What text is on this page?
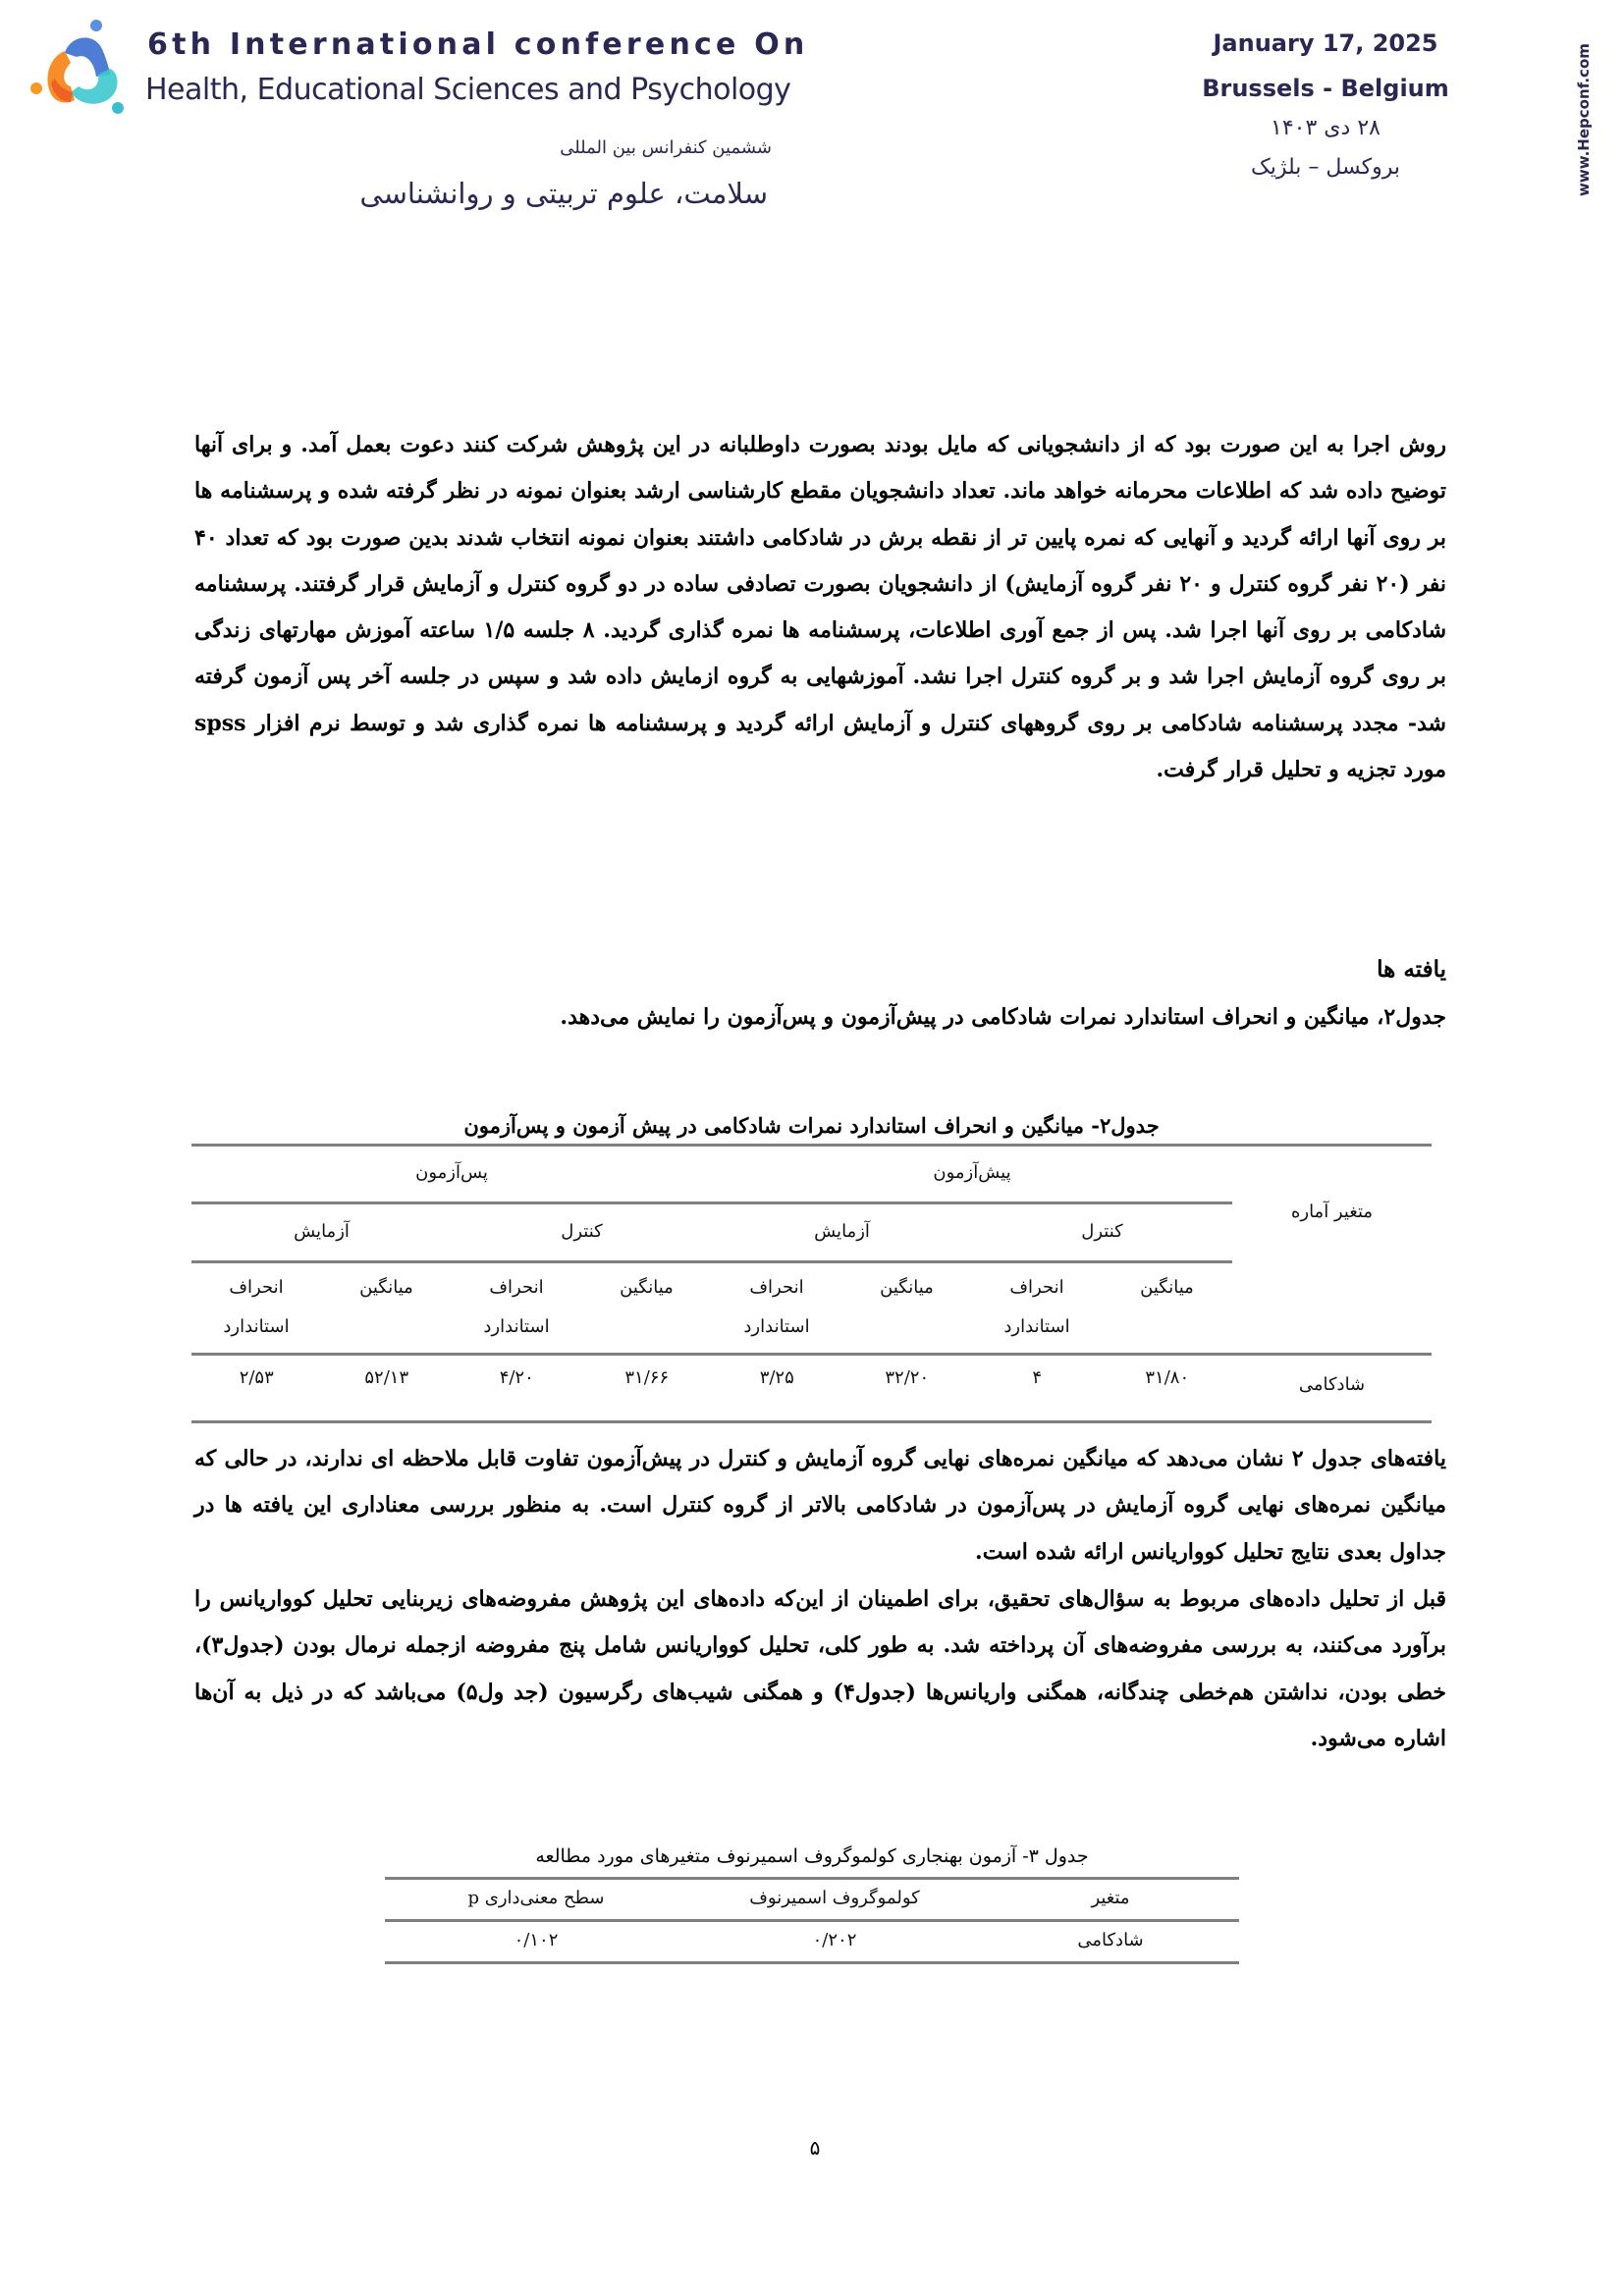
6th International conference On
Health, Educational Sciences and Psychology
ششمین کنفرانس بین المللی
سلامت، علوم تربیتی و روانشناسی
January 17, 2025
Brussels - Belgium
۲۸ دی ۱۴۰۳
بروکسل – بلژیک	www.Hepconf.com
روش اجرا به این صورت بود که از دانشجویانی که مایل بودند بصورت داوطلبانه در این پژوهش شرکت کنند دعوت بعمل آمد. و برای آنها توضیح داده شد که اطلاعات محرمانه خواهد ماند. تعداد دانشجویان مقطع کارشناسی ارشد بعنوان نمونه در نظر گرفته شده و پرسشنامه ها بر روی آنها ارائه گردید و آنهایی که نمره پایین تر از نقطه برش در شادکامی داشتند بعنوان نمونه انتخاب شدند بدین صورت بود که تعداد ۴۰ نفر (۲۰ نفر گروه کنترل و ۲۰ نفر گروه آزمایش) از دانشجویان بصورت تصادفی ساده در دو گروه کنترل و آزمایش قرار گرفتند. پرسشنامه شادکامی بر روی آنها اجرا شد. پس از جمع آوری اطلاعات، پرسشنامه ها نمره گذاری گردید. ۸ جلسه ۱/۵ ساعته آموزش مهارتهای زندگی بر روی گروه آزمایش اجرا شد و بر گروه کنترل اجرا نشد. آموزشهایی به گروه ازمایش داده شد و سپس در جلسه آخر پس آزمون گرفته شد- مجدد پرسشنامه شادکامی بر روی گروههای کنترل و آزمایش ارائه گردید و پرسشنامه ها نمره گذاری شد و توسط نرم افزار spss مورد تجزیه و تحلیل قرار گرفت.
یافته ها
جدول۲، میانگین و انحراف استاندارد نمرات شادکامی در پیش‌آزمون و پس‌آزمون را نمایش می‌دهد.
جدول۲- میانگین و انحراف استاندارد نمرات شادکامی در پیش آزمون و پس‌آزمون
متغیر آماره
پیش‌آزمون
پس‌آزمون
کنترل
آزمایش
کنترل
آزمایش
میانگین
انحراف استاندارد
میانگین
انحراف استاندارد
میانگین
انحراف استاندارد
میانگین
انحراف استاندارد
۳۱/۸۰
۴
۳۲/۲۰
۳/۲۵
۳۱/۶۶
۴/۲۰
۵۲/۱۳
۲/۵۳	شادکامی
یافته‌های جدول ۲ نشان می‌دهد که میانگین نمره‌های نهایی گروه آزمایش و کنترل در پیش‌آزمون تفاوت قابل ملاحظه ای ندارند، در حالی که میانگین نمره‌های نهایی گروه آزمایش در پس‌آزمون در شادکامی بالاتر از گروه کنترل است. به منظور بررسی معناداری این یافته ها در جداول بعدی نتایج تحلیل کوواریانس ارائه شده است.
قبل از تحلیل داده‌های مربوط به سؤال‌های تحقیق، برای اطمینان از این‌که داده‌های این پژوهش مفروضه‌های زیربنایی تحلیل کوواریانس را برآورد می‌کنند، به بررسی مفروضه‌های آن پرداخته شد. به طور کلی، تحلیل کوواریانس شامل پنج مفروضه ازجمله نرمال بودن (جدول۳)، خطی بودن، نداشتن هم‌خطی چندگانه، همگنی واریانس‌ها (جدول۴) و همگنی شیب‌های رگرسیون (جد ول۵) می‌باشد که در ذیل به آن‌ها اشاره می‌شود.
جدول ۳- آزمون بهنجاری کولموگروف اسمیرنوف متغیرهای مورد مطالعه
متغیر
کولموگروف اسمیرنوف
سطح معنی‌داری p
شادکامی
۰/۲۰۲
۰/۱۰۲
۵
